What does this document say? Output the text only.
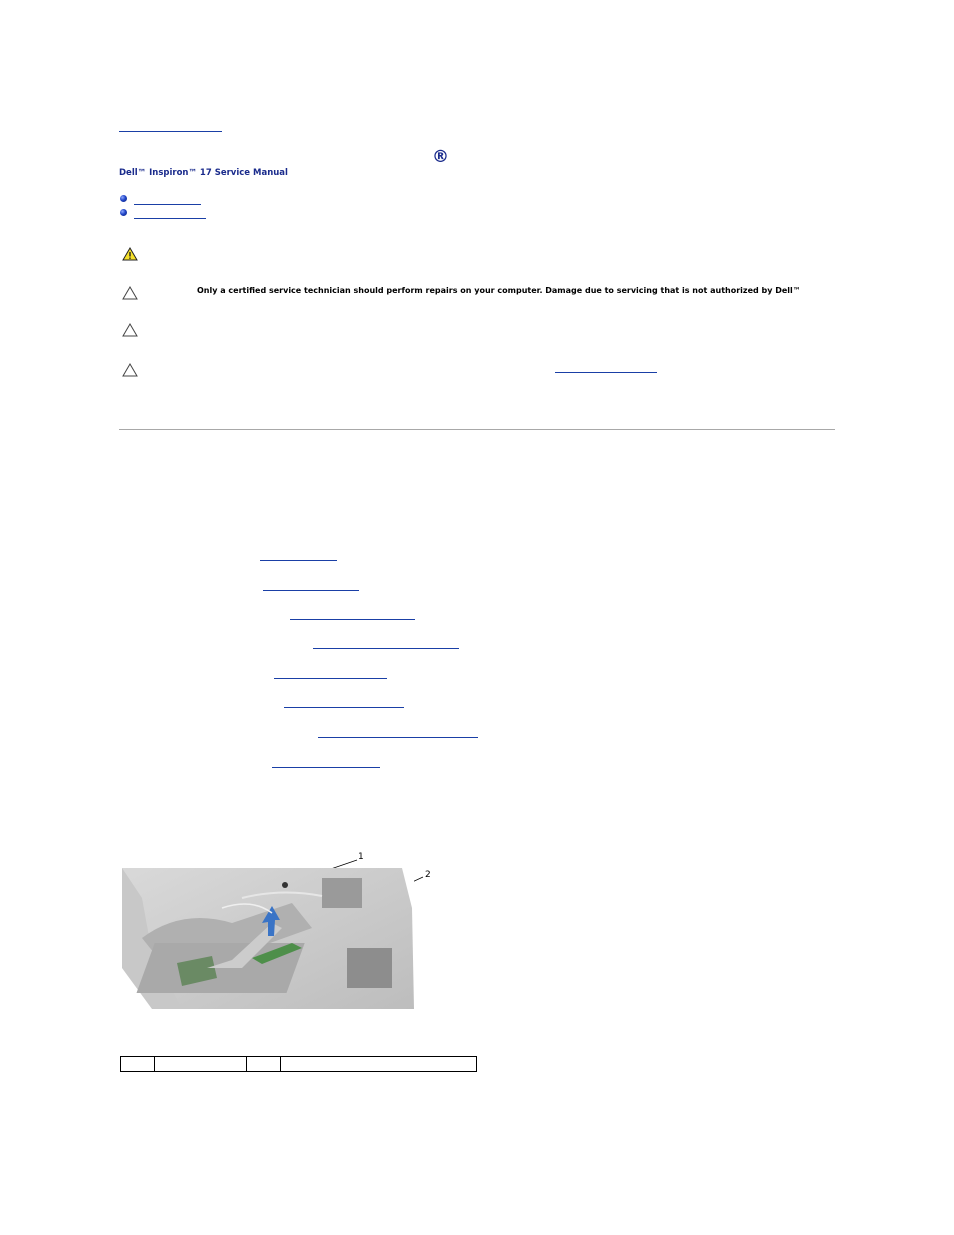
®
Dell™ Inspiron™ 17 Service Manual
Only a certified service technician should perform repairs on your computer. Damage due to servicing that is not authorized by Dell™
1
2
